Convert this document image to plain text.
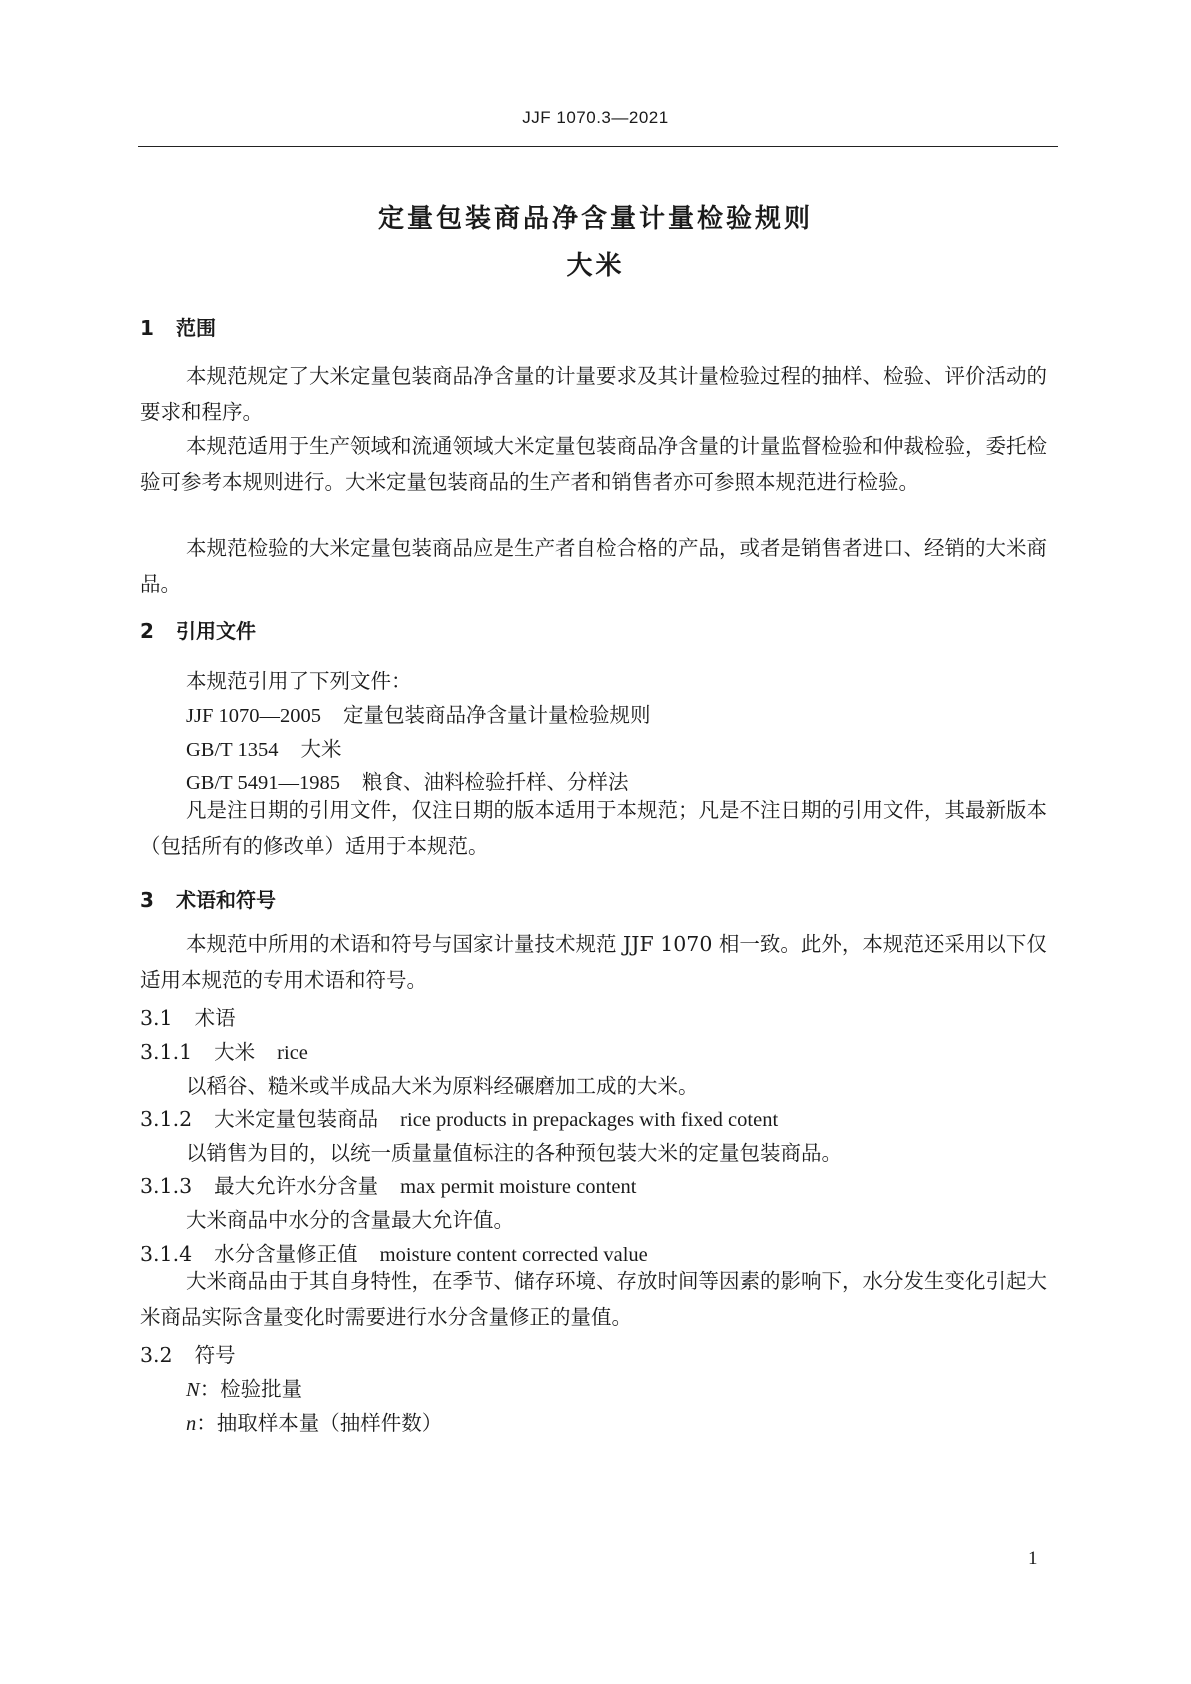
JJF 1070.3—2021
定量包装商品净含量计量检验规则
大米
1 范围

本规范规定了大米定量包装商品净含量的计量要求及其计量检验过程的抽样、检验、评价活动的要求和程序。

本规范适用于生产领域和流通领域大米定量包装商品净含量的计量监督检验和仲裁检验，委托检验可参考本规则进行。大米定量包装商品的生产者和销售者亦可参照本规范进行检验。

本规范检验的大米定量包装商品应是生产者自检合格的产品，或者是销售者进口、经销的大米商品。

2 引用文件
本规范引用了下列文件：
JJF 1070—2005 定量包装商品净含量计量检验规则
GB/T 1354 大米
GB/T 5491—1985 粮食、油料检验扦样、分样法

凡是注日期的引用文件，仅注日期的版本适用于本规范；凡是不注日期的引用文件，其最新版本（包括所有的修改单）适用于本规范。

3 术语和符号

本规范中所用的术语和符号与国家计量技术规范 JJF 1070 相一致。此外，本规范还采用以下仅适用本规范的专用术语和符号。

3.1 术语
3.1.1 大米 rice
以稻谷、糙米或半成品大米为原料经碾磨加工成的大米。
3.1.2 大米定量包装商品 rice products in prepackages with fixed cotent
以销售为目的，以统一质量量值标注的各种预包装大米的定量包装商品。
3.1.3 最大允许水分含量 max permit moisture content
大米商品中水分的含量最大允许值。
3.1.4 水分含量修正值 moisture content corrected value

大米商品由于其自身特性，在季节、储存环境、存放时间等因素的影响下，水分发生变化引起大米商品实际含量变化时需要进行水分含量修正的量值。

3.2 符号
N：检验批量
n：抽取样本量（抽样件数）
1
